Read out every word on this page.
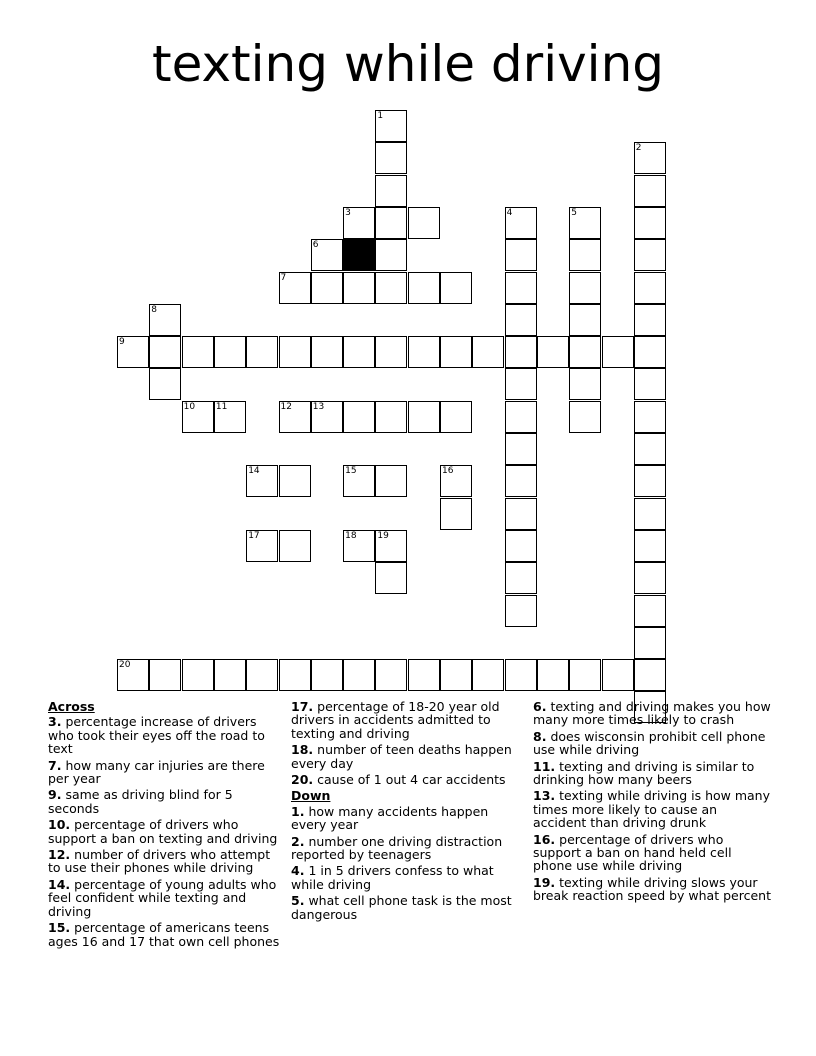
texting while driving
1
2
3	4	5
6
7
8
9
10 11	12 13
14	15	16
17	18 19
20
Across
3. percentage increase of drivers who took their eyes off the road to text
7. how many car injuries are there per year
9. same as driving blind for 5 seconds
10. percentage of drivers who support a ban on texting and driving
12. number of drivers who attempt to use their phones while driving
14. percentage of young adults who feel confident while texting and driving
15. percentage of americans teens ages 16 and 17 that own cell phones
17. percentage of 18-20 year old drivers in accidents admitted to texting and driving
18. number of teen deaths happen every day
20. cause of 1 out 4 car accidents
Down
1. how many accidents happen every year
2. number one driving distraction reported by teenagers
4. 1 in 5 drivers confess to what while driving
5. what cell phone task is the most dangerous
6. texting and driving makes you how many more times likely to crash
8. does wisconsin prohibit cell phone use while driving
11. texting and driving is similar to drinking how many beers
13. texting while driving is how many times more likely to cause an accident than driving drunk
16. percentage of drivers who support a ban on hand held cell phone use while driving
19. texting while driving slows your break reaction speed by what percent
